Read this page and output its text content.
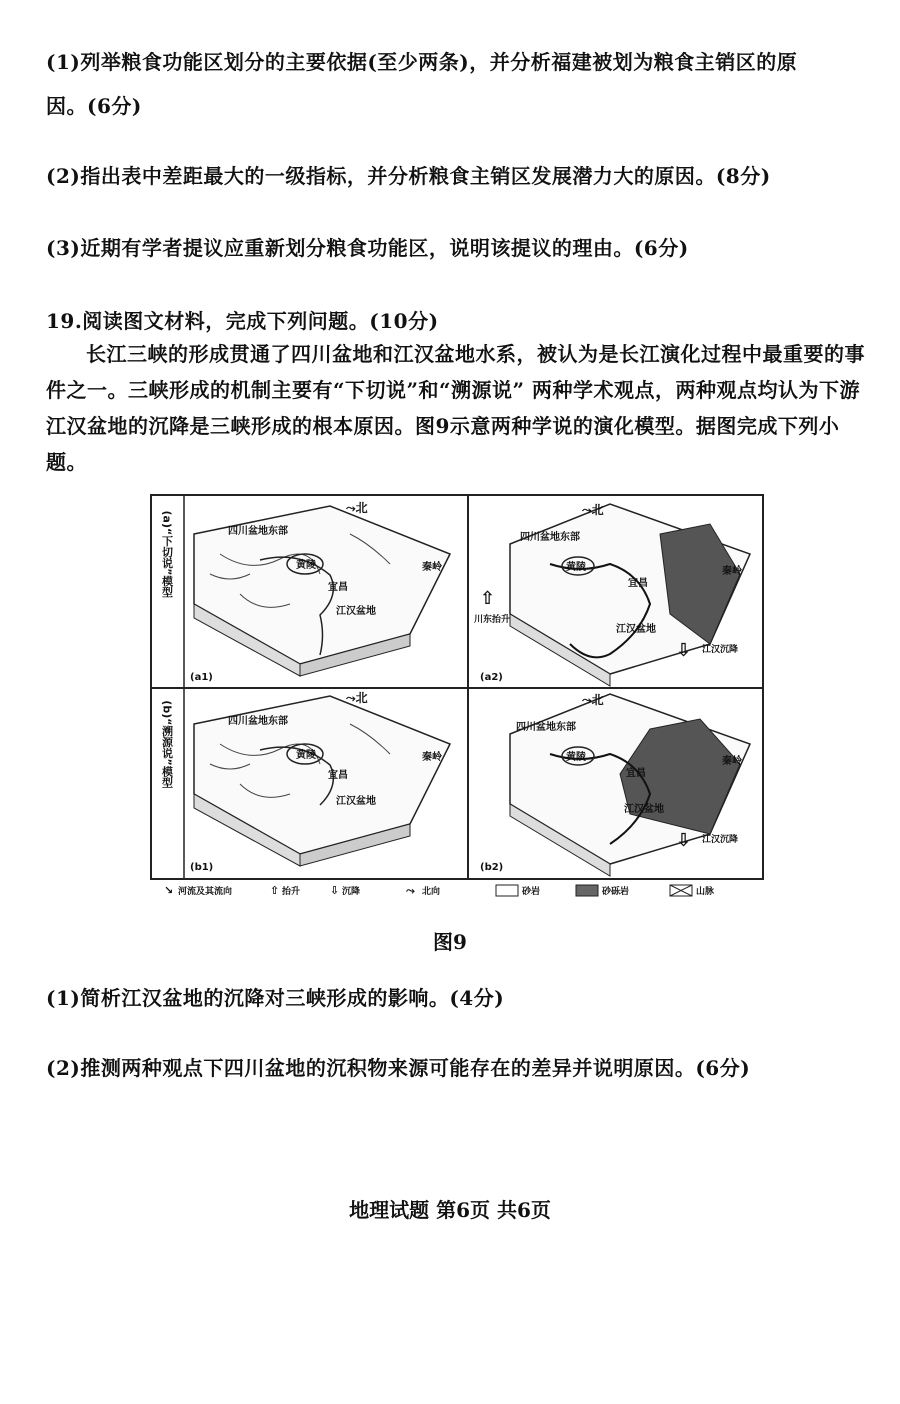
(1)列举粮食功能区划分的主要依据(至少两条)，并分析福建被划为粮食主销区的原
因。(6分)
(2)指出表中差距最大的一级指标，并分析粮食主销区发展潜力大的原因。(8分)
(3)近期有学者提议应重新划分粮食功能区，说明该提议的理由。(6分)
19.阅读图文材料，完成下列问题。(10分)
长江三峡的形成贯通了四川盆地和江汉盆地水系，被认为是长江演化过程中最重要的事件之一。三峡形成的机制主要有“下切说”和“溯源说” 两种学术观点，两种观点均认为下游江汉盆地的沉降是三峡形成的根本原因。图9示意两种学说的演化模型。据图完成下列小题。
(a)“下切说”模型
(b)“溯源说”模型
四川盆地东部
黄陵
宜昌
江汉盆地
秦岭
(a1)
⤳北
四川盆地东部
黄陵
宜昌
江汉盆地
秦岭
⇧
川东抬升
⇩ 江汉沉降
(a2)
⤳北
四川盆地东部
黄陵
宜昌
江汉盆地
秦岭
(b1)
⤳北
四川盆地东部
黄陵
宜昌
江汉盆地
秦岭
⇩ 江汉沉降
(b2)
⤳北
↘ 河流及其流向	⇧ 抬升	⇩ 沉降	⤳ 北向	砂岩	砂砾岩	山脉
图9
(1)简析江汉盆地的沉降对三峡形成的影响。(4分)
(2)推测两种观点下四川盆地的沉积物来源可能存在的差异并说明原因。(6分)
地理试题 第6页 共6页
